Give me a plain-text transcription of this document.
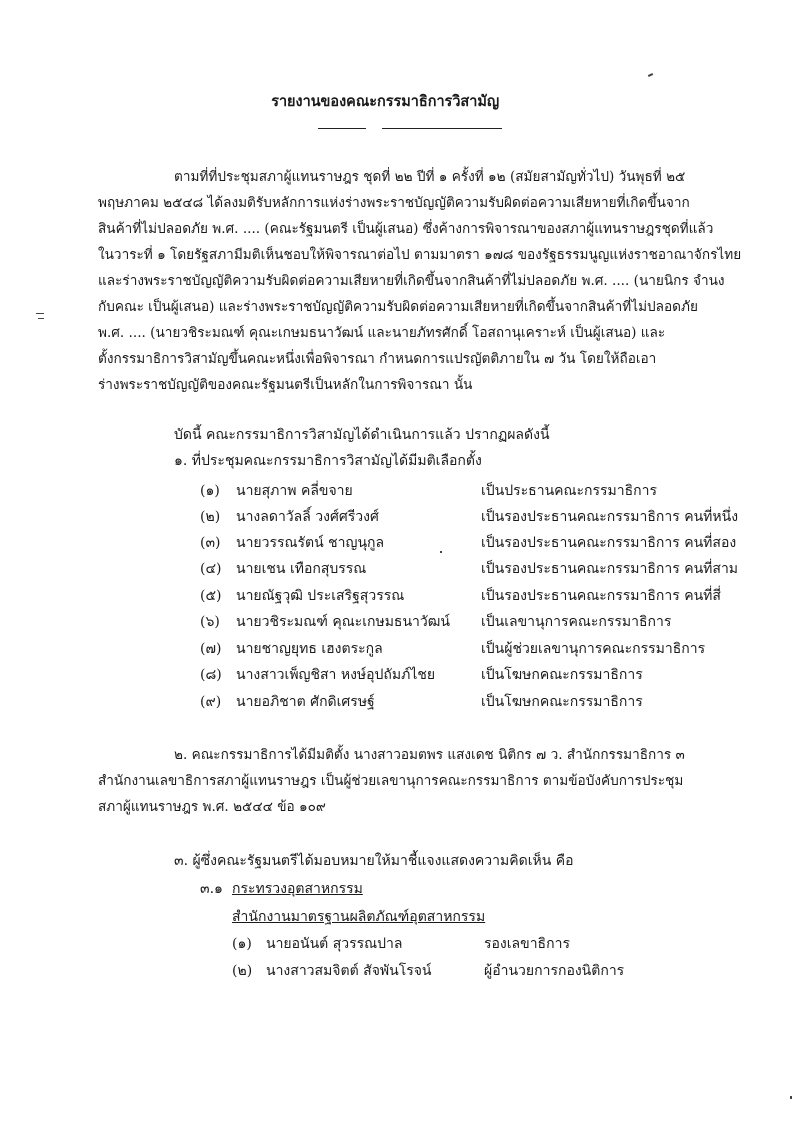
รายงานของคณะกรรมาธิการวิสามัญ
ตามที่ที่ประชุมสภาผู้แทนราษฎร ชุดที่ ๒๒ ปีที่ ๑ ครั้งที่ ๑๒ (สมัยสามัญทั่วไป) วันพุธที่ ๒๕
พฤษภาคม ๒๕๔๘ ได้ลงมติรับหลักการแห่งร่างพระราชบัญญัติความรับผิดต่อความเสียหายที่เกิดขึ้นจาก
สินค้าที่ไม่ปลอดภัย พ.ศ. .... (คณะรัฐมนตรี เป็นผู้เสนอ) ซึ่งค้างการพิจารณาของสภาผู้แทนราษฎรชุดที่แล้ว
ในวาระที่ ๑ โดยรัฐสภามีมติเห็นชอบให้พิจารณาต่อไป ตามมาตรา ๑๗๘ ของรัฐธรรมนูญแห่งราชอาณาจักรไทย
และร่างพระราชบัญญัติความรับผิดต่อความเสียหายที่เกิดขึ้นจากสินค้าที่ไม่ปลอดภัย พ.ศ. .... (นายนิกร จำนง
กับคณะ เป็นผู้เสนอ) และร่างพระราชบัญญัติความรับผิดต่อความเสียหายที่เกิดขึ้นจากสินค้าที่ไม่ปลอดภัย
พ.ศ. .... (นายวชิระมณฑ์ คุณะเกษมธนาวัฒน์ และนายภัทรศักดิ์ โอสถานุเคราะห์ เป็นผู้เสนอ) และ
ตั้งกรรมาธิการวิสามัญขึ้นคณะหนึ่งเพื่อพิจารณา กำหนดการแปรญัตติภายใน ๗ วัน โดยให้ถือเอา
ร่างพระราชบัญญัติของคณะรัฐมนตรีเป็นหลักในการพิจารณา นั้น
บัดนี้ คณะกรรมาธิการวิสามัญได้ดำเนินการแล้ว ปรากฏผลดังนี้
๑. ที่ประชุมคณะกรรมาธิการวิสามัญได้มีมติเลือกตั้ง
(๑) นายสุภาพ คลี่ขจาย	เป็นประธานคณะกรรมาธิการ
(๒) นางลดาวัลลิ์ วงศ์ศรีวงศ์	เป็นรองประธานคณะกรรมาธิการ คนที่หนึ่ง
(๓) นายวรรณรัตน์ ชาญนุกูล	เป็นรองประธานคณะกรรมาธิการ คนที่สอง
(๔) นายเชน เทือกสุบรรณ	เป็นรองประธานคณะกรรมาธิการ คนที่สาม
(๕) นายณัฐวุฒิ ประเสริฐสุวรรณ	เป็นรองประธานคณะกรรมาธิการ คนที่สี่
(๖) นายวชิระมณฑ์ คุณะเกษมธนาวัฒน์ เป็นเลขานุการคณะกรรมาธิการ
(๗) นายชาญยุทธ เฮงตระกูล	เป็นผู้ช่วยเลขานุการคณะกรรมาธิการ
(๘) นางสาวเพ็ญชิสา หงษ์อุปถัมภ์ไชย	เป็นโฆษกคณะกรรมาธิการ
(๙) นายอภิชาต ศักดิเศรษฐ์	เป็นโฆษกคณะกรรมาธิการ
๒. คณะกรรมาธิการได้มีมติตั้ง นางสาวอมตพร แสงเดช นิติกร ๗ ว. สำนักกรรมาธิการ ๓
สำนักงานเลขาธิการสภาผู้แทนราษฎร เป็นผู้ช่วยเลขานุการคณะกรรมาธิการ ตามข้อบังคับการประชุม
สภาผู้แทนราษฎร พ.ศ. ๒๕๔๔ ข้อ ๑๐๙
๓. ผู้ซึ่งคณะรัฐมนตรีได้มอบหมายให้มาชี้แจงแสดงความคิดเห็น คือ
๓.๑ กระทรวงอุตสาหกรรม
สำนักงานมาตรฐานผลิตภัณฑ์อุตสาหกรรม
(๑) นายอนันต์ สุวรรณปาล	รองเลขาธิการ
(๒) นางสาวสมจิตต์ สัจพันโรจน์	ผู้อำนวยการกองนิติการ
